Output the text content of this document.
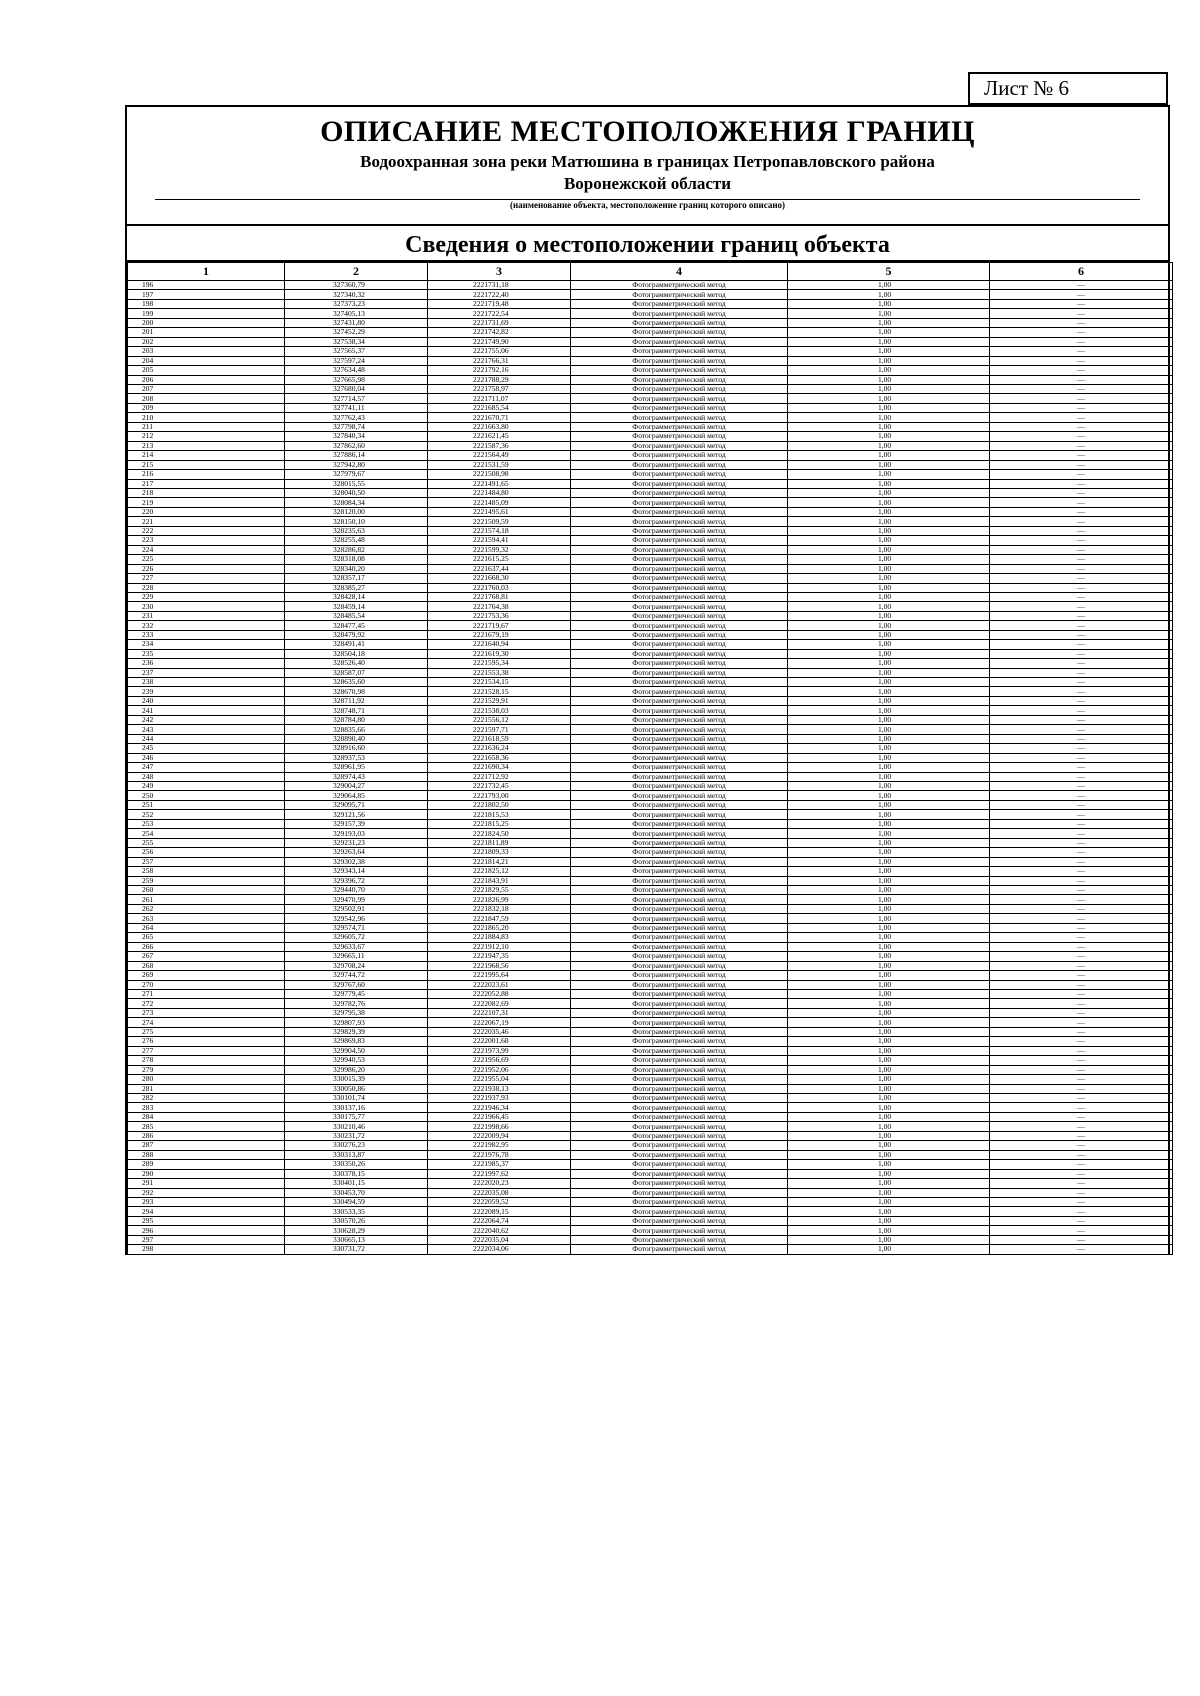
Лист № 6
ОПИСАНИЕ МЕСТОПОЛОЖЕНИЯ ГРАНИЦ
Водоохранная зона реки Матюшина в границах Петропавловского района
Воронежской области
(наименование объекта, местоположение границ которого описано)
Сведения о местоположении границ объекта
1	2	3	4	5	6
196	327360,79	2221731,18	Фотограмметрический метод	1,00	—
197	327340,32	2221722,40	Фотограмметрический метод	1,00	—
198	327373,23	2221719,48	Фотограмметрический метод	1,00	—
199	327405,13	2221722,54	Фотограмметрический метод	1,00	—
200	327431,80	2221731,69	Фотограмметрический метод	1,00	—
201	327452,29	2221742,82	Фотограмметрический метод	1,00	—
202	327538,34	2221749,90	Фотограмметрический метод	1,00	—
203	327565,37	2221755,06	Фотограмметрический метод	1,00	—
204	327597,24	2221766,31	Фотограмметрический метод	1,00	—
205	327634,48	2221792,16	Фотограмметрический метод	1,00	—
206	327665,98	2221788,29	Фотограмметрический метод	1,00	—
207	327680,04	2221758,97	Фотограмметрический метод	1,00	—
208	327714,57	2221711,07	Фотограмметрический метод	1,00	—
209	327741,11	2221685,54	Фотограмметрический метод	1,00	—
210	327762,43	2221670,71	Фотограмметрический метод	1,00	—
211	327798,74	2221663,80	Фотограмметрический метод	1,00	—
212	327840,34	2221621,45	Фотограмметрический метод	1,00	—
213	327862,60	2221587,36	Фотограмметрический метод	1,00	—
214	327886,14	2221564,49	Фотограмметрический метод	1,00	—
215	327942,80	2221531,59	Фотограмметрический метод	1,00	—
216	327979,67	2221508,98	Фотограмметрический метод	1,00	—
217	328015,55	2221491,65	Фотограмметрический метод	1,00	—
218	328040,50	2221484,80	Фотограмметрический метод	1,00	—
219	328084,34	2221485,09	Фотограмметрический метод	1,00	—
220	328120,00	2221495,61	Фотограмметрический метод	1,00	—
221	328150,10	2221509,59	Фотограмметрический метод	1,00	—
222	328235,63	2221574,18	Фотограмметрический метод	1,00	—
223	328255,48	2221594,41	Фотограмметрический метод	1,00	—
224	328286,82	2221599,32	Фотограмметрический метод	1,00	—
225	328318,08	2221615,25	Фотограмметрический метод	1,00	—
226	328340,20	2221637,44	Фотограмметрический метод	1,00	—
227	328357,17	2221668,30	Фотограмметрический метод	1,00	—
228	328385,27	2221760,03	Фотограмметрический метод	1,00	—
229	328428,14	2221768,81	Фотограмметрический метод	1,00	—
230	328459,14	2221764,38	Фотограмметрический метод	1,00	—
231	328485,54	2221753,36	Фотограмметрический метод	1,00	—
232	328477,45	2221719,67	Фотограмметрический метод	1,00	—
233	328479,92	2221679,19	Фотограмметрический метод	1,00	—
234	328491,41	2221640,94	Фотограмметрический метод	1,00	—
235	328504,18	2221619,30	Фотограмметрический метод	1,00	—
236	328526,40	2221595,34	Фотограмметрический метод	1,00	—
237	328587,07	2221553,38	Фотограмметрический метод	1,00	—
238	328635,60	2221534,15	Фотограмметрический метод	1,00	—
239	328670,98	2221528,15	Фотограмметрический метод	1,00	—
240	328711,92	2221529,91	Фотограмметрический метод	1,00	—
241	328748,71	2221538,03	Фотограмметрический метод	1,00	—
242	328784,80	2221556,12	Фотограмметрический метод	1,00	—
243	328835,66	2221597,71	Фотограмметрический метод	1,00	—
244	328890,40	2221618,59	Фотограмметрический метод	1,00	—
245	328916,60	2221636,24	Фотограмметрический метод	1,00	—
246	328937,53	2221658,36	Фотограмметрический метод	1,00	—
247	328961,95	2221690,34	Фотограмметрический метод	1,00	—
248	328974,43	2221712,92	Фотограмметрический метод	1,00	—
249	329004,27	2221732,45	Фотограмметрический метод	1,00	—
250	329064,85	2221793,00	Фотограмметрический метод	1,00	—
251	329095,71	2221802,50	Фотограмметрический метод	1,00	—
252	329121,56	2221815,53	Фотограмметрический метод	1,00	—
253	329157,39	2221815,25	Фотограмметрический метод	1,00	—
254	329193,03	2221824,50	Фотограмметрический метод	1,00	—
255	329231,23	2221811,89	Фотограмметрический метод	1,00	—
256	329263,64	2221809,33	Фотограмметрический метод	1,00	—
257	329302,38	2221814,21	Фотограмметрический метод	1,00	—
258	329343,14	2221825,12	Фотограмметрический метод	1,00	—
259	329396,72	2221843,91	Фотограмметрический метод	1,00	—
260	329440,70	2221829,55	Фотограмметрический метод	1,00	—
261	329470,99	2221826,99	Фотограмметрический метод	1,00	—
262	329502,91	2221832,18	Фотограмметрический метод	1,00	—
263	329542,96	2221847,59	Фотограмметрический метод	1,00	—
264	329574,71	2221865,20	Фотограмметрический метод	1,00	—
265	329605,72	2221884,83	Фотограмметрический метод	1,00	—
266	329633,67	2221912,10	Фотограмметрический метод	1,00	—
267	329665,11	2221947,35	Фотограмметрический метод	1,00	—
268	329708,24	2221968,56	Фотограмметрический метод	1,00	—
269	329744,72	2221995,64	Фотограмметрический метод	1,00	—
270	329767,60	2222023,61	Фотограмметрический метод	1,00	—
271	329779,45	2222052,88	Фотограмметрический метод	1,00	—
272	329782,76	2222082,69	Фотограмметрический метод	1,00	—
273	329795,38	2222107,31	Фотограмметрический метод	1,00	—
274	329807,93	2222067,19	Фотограмметрический метод	1,00	—
275	329829,39	2222035,46	Фотограмметрический метод	1,00	—
276	329869,83	2222001,68	Фотограмметрический метод	1,00	—
277	329904,50	2221973,99	Фотограмметрический метод	1,00	—
278	329940,53	2221956,69	Фотограмметрический метод	1,00	—
279	329986,20	2221952,06	Фотограмметрический метод	1,00	—
280	330015,39	2221955,04	Фотограмметрический метод	1,00	—
281	330050,86	2221938,13	Фотограмметрический метод	1,00	—
282	330101,74	2221937,93	Фотограмметрический метод	1,00	—
283	330137,16	2221946,34	Фотограмметрический метод	1,00	—
284	330175,77	2221966,45	Фотограмметрический метод	1,00	—
285	330210,46	2221998,66	Фотограмметрический метод	1,00	—
286	330231,72	2222009,94	Фотограмметрический метод	1,00	—
287	330276,23	2221982,95	Фотограмметрический метод	1,00	—
288	330313,87	2221976,78	Фотограмметрический метод	1,00	—
289	330350,26	2221985,37	Фотограмметрический метод	1,00	—
290	330378,15	2221997,62	Фотограмметрический метод	1,00	—
291	330401,15	2222020,23	Фотограмметрический метод	1,00	—
292	330453,70	2222035,08	Фотограмметрический метод	1,00	—
293	330494,59	2222059,52	Фотограмметрический метод	1,00	—
294	330533,35	2222089,15	Фотограмметрический метод	1,00	—
295	330570,26	2222064,74	Фотограмметрический метод	1,00	—
296	330628,29	2222040,62	Фотограмметрический метод	1,00	—
297	330665,13	2222035,04	Фотограмметрический метод	1,00	—
298	330731,72	2222034,06	Фотограмметрический метод	1,00	—
